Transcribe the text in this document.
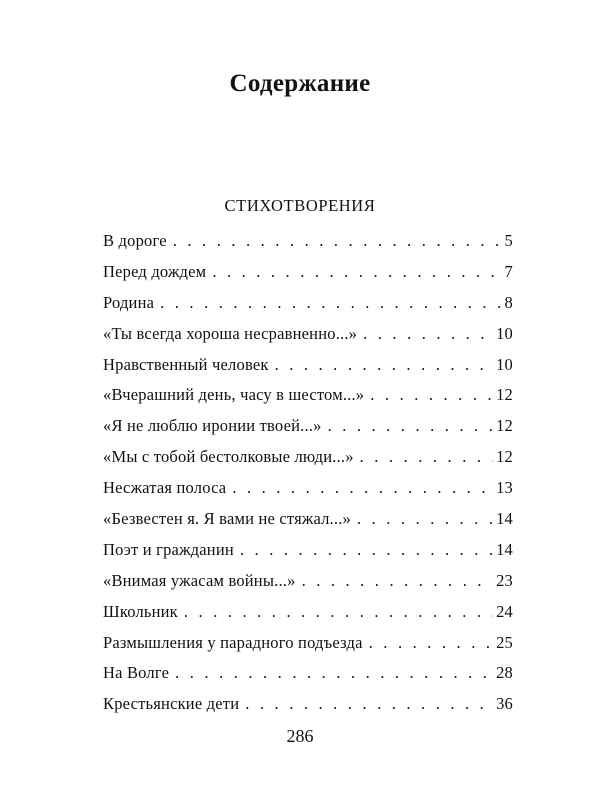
Содержание
СТИХОТВОРЕНИЯ
В дороге . . .	5
Перед дождем . . .	7
Родина . . .	8
«Ты всегда хороша несравненно...» . . .	10
Нравственный человек . . .	10
«Вчерашний день, часу в шестом...» . . .	12
«Я не люблю иронии твоей...» . . .	12
«Мы с тобой бестолковые люди...» . . .	12
Несжатая полоса . . .	13
«Безвестен я. Я вами не стяжал...» . . .	14
Поэт и гражданин . . .	14
«Внимая ужасам войны...» . . .	23
Школьник . . .	24
Размышления у парадного подъезда . . .	25
На Волге . . .	28
Крестьянские дети . . .	36
286
